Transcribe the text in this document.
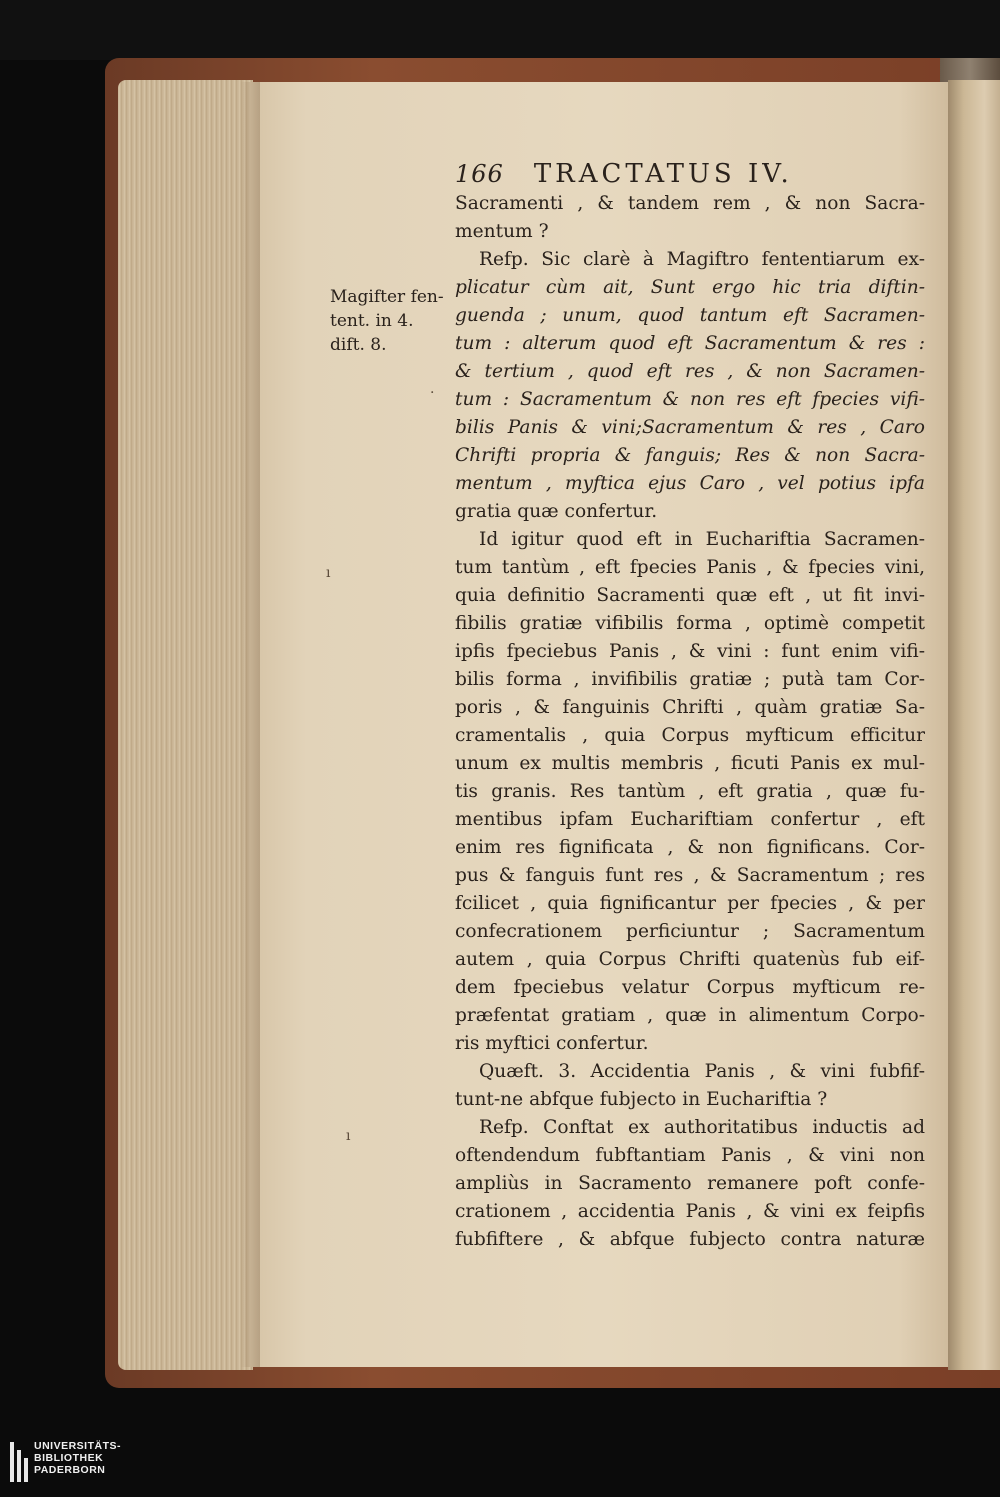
Magifter fen-
tent. in 4.
dift. 8.
166 TRACTATUS IV.
Sacramenti , & tandem rem , & non Sacra-
mentum ?
Refp. Sic clarè à Magiftro fententiarum ex-
plicatur cùm ait, Sunt ergo hic tria diftin-
guenda ; unum, quod tantum eft Sacramen-
tum : alterum quod eft Sacramentum & res :
& tertium , quod eft res , & non Sacramen-
tum : Sacramentum & non res eft fpecies vifi-
bilis Panis & vini;Sacramentum & res , Caro
Chrifti propria & fanguis; Res & non Sacra-
mentum , myftica ejus Caro , vel potius ipfa
gratia quæ confertur.
Id igitur quod eft in Euchariftia Sacramen-
tum tantùm , eft fpecies Panis , & fpecies vini,
quia definitio Sacramenti quæ eft , ut fit invi-
fibilis gratiæ vifibilis forma , optimè competit
ipfis fpeciebus Panis , & vini : funt enim vifi-
bilis forma , invifibilis gratiæ ; putà tam Cor-
poris , & fanguinis Chrifti , quàm gratiæ Sa-
cramentalis , quia Corpus myfticum efficitur
unum ex multis membris , ficuti Panis ex mul-
tis granis. Res tantùm , eft gratia , quæ fu-
mentibus ipfam Euchariftiam confertur , eft
enim res fignificata , & non fignificans. Cor-
pus & fanguis funt res , & Sacramentum ; res
fcilicet , quia fignificantur per fpecies , & per
confecrationem perficiuntur ; Sacramentum
autem , quia Corpus Chrifti quatenùs fub eif-
dem fpeciebus velatur Corpus myfticum re-
præfentat gratiam , quæ in alimentum Corpo-
ris myftici confertur.
Quæft. 3. Accidentia Panis , & vini fubfif-
tunt-ne abfque fubjecto in Euchariftia ?
Refp. Conftat ex authoritatibus inductis ad
oftendendum fubftantiam Panis , & vini non
ampliùs in Sacramento remanere poft confe-
crationem , accidentia Panis , & vini ex feipfis
fubfiftere , & abfque fubjecto contra naturæ
·
ı
ı
UNIVERSITÄTS-
BIBLIOTHEK
PADERBORN
